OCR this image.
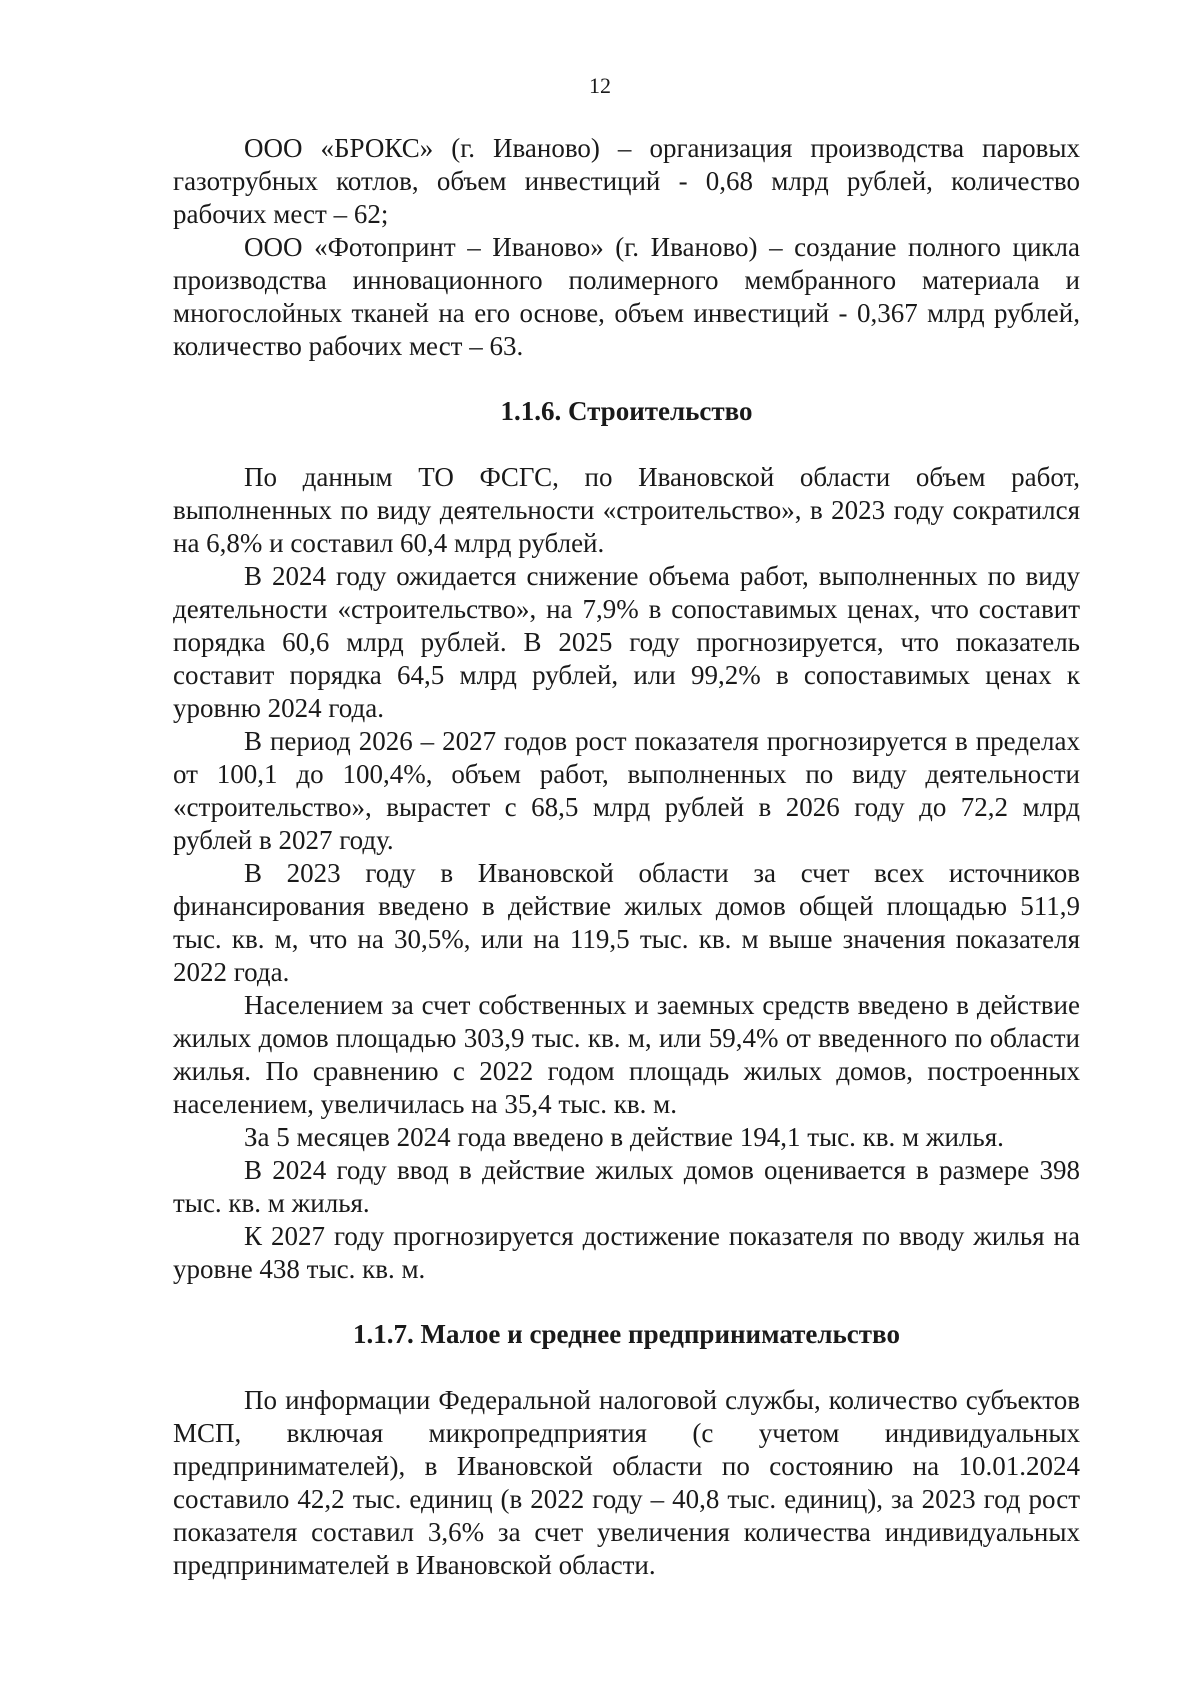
12

ООО «БРОКС» (г. Иваново) – организация производства паровых газотрубных котлов, объем инвестиций - 0,68 млрд рублей, количество рабочих мест – 62;

ООО «Фотопринт – Иваново» (г. Иваново) – создание полного цикла производства инновационного полимерного мембранного материала и многослойных тканей на его основе, объем инвестиций - 0,367 млрд рублей, количество рабочих мест – 63.

1.1.6. Строительство

По данным ТО ФСГС, по Ивановской области объем работ, выполненных по виду деятельности «строительство», в 2023 году сократился на 6,8% и составил 60,4 млрд рублей.

В 2024 году ожидается снижение объема работ, выполненных по виду деятельности «строительство», на 7,9% в сопоставимых ценах, что составит порядка 60,6 млрд рублей. В 2025 году прогнозируется, что показатель составит порядка 64,5 млрд рублей, или 99,2% в сопоставимых ценах к уровню 2024 года.

В период 2026 – 2027 годов рост показателя прогнозируется в пределах от 100,1 до 100,4%, объем работ, выполненных по виду деятельности «строительство», вырастет с 68,5 млрд рублей в 2026 году до 72,2 млрд рублей в 2027 году.

В 2023 году в Ивановской области за счет всех источников финансирования введено в действие жилых домов общей площадью 511,9 тыс. кв. м, что на 30,5%, или на 119,5 тыс. кв. м выше значения показателя 2022 года.

Населением за счет собственных и заемных средств введено в действие жилых домов площадью 303,9 тыс. кв. м, или 59,4% от введенного по области жилья. По сравнению с 2022 годом площадь жилых домов, построенных населением, увеличилась на 35,4 тыс. кв. м.

За 5 месяцев 2024 года введено в действие 194,1 тыс. кв. м жилья.

В 2024 году ввод в действие жилых домов оценивается в размере 398 тыс. кв. м жилья.

К 2027 году прогнозируется достижение показателя по вводу жилья на уровне 438 тыс. кв. м.

1.1.7. Малое и среднее предпринимательство

По информации Федеральной налоговой службы, количество субъектов МСП, включая микропредприятия (с учетом индивидуальных предпринимателей), в Ивановской области по состоянию на 10.01.2024 составило 42,2 тыс. единиц (в 2022 году – 40,8 тыс. единиц), за 2023 год рост показателя составил 3,6% за счет увеличения количества индивидуальных предпринимателей в Ивановской области.
